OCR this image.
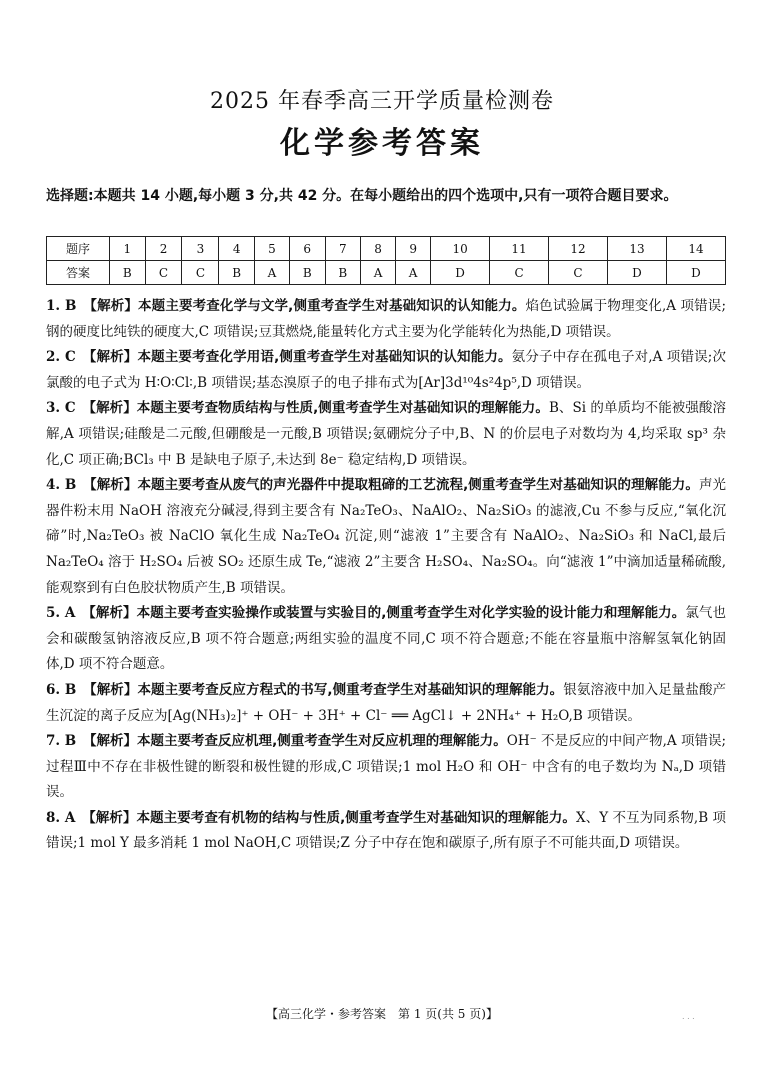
2025 年春季高三开学质量检测卷
化学参考答案
选择题:本题共 14 小题,每小题 3 分,共 42 分。在每小题给出的四个选项中,只有一项符合题目要求。
题序	1	2	3	4	5	6	7	8	9	10	11	12	13	14
答案	B	C	C	B	A	B	B	A	A	D	C	C	D	D

1. B　 【解析】本题主要考查化学与文学,侧重考查学生对基础知识的认知能力。焰色试验属于物理变化,A 项错误;钢的硬度比纯铁的硬度大,C 项错误;豆萁燃烧,能量转化方式主要为化学能转化为热能,D 项错误。

2. C　 【解析】本题主要考查化学用语,侧重考查学生对基础知识的认知能力。氨分子中存在孤电子对,A 项错误;次氯酸的电子式为 H∶O∶Cl∶,B 项错误;基态溴原子的电子排布式为[Ar]3d¹⁰4s²4p⁵,D 项错误。

3. C　 【解析】本题主要考查物质结构与性质,侧重考查学生对基础知识的理解能力。B、Si 的单质均不能被强酸溶解,A 项错误;硅酸是二元酸,但硼酸是一元酸,B 项错误;氨硼烷分子中,B、N 的价层电子对数均为 4,均采取 sp³ 杂化,C 项正确;BCl₃ 中 B 是缺电子原子,未达到 8e⁻ 稳定结构,D 项错误。

4. B　 【解析】本题主要考查从废气的声光器件中提取粗碲的工艺流程,侧重考查学生对基础知识的理解能力。声光器件粉末用 NaOH 溶液充分碱浸,得到主要含有 Na₂TeO₃、NaAlO₂、Na₂SiO₃ 的滤液,Cu 不参与反应,“氧化沉碲”时,Na₂TeO₃ 被 NaClO 氧化生成 Na₂TeO₄ 沉淀,则“滤液 1”主要含有 NaAlO₂、Na₂SiO₃ 和 NaCl,最后 Na₂TeO₄ 溶于 H₂SO₄ 后被 SO₂ 还原生成 Te,“滤液 2”主要含 H₂SO₄、Na₂SO₄。向“滤液 1”中滴加适量稀硫酸,能观察到有白色胶状物质产生,B 项错误。

5. A　 【解析】本题主要考查实验操作或装置与实验目的,侧重考查学生对化学实验的设计能力和理解能力。氯气也会和碳酸氢钠溶液反应,B 项不符合题意;两组实验的温度不同,C 项不符合题意;不能在容量瓶中溶解氢氧化钠固体,D 项不符合题意。

6. B　 【解析】本题主要考查反应方程式的书写,侧重考查学生对基础知识的理解能力。银氨溶液中加入足量盐酸产生沉淀的离子反应为[Ag(NH₃)₂]⁺ + OH⁻ + 3H⁺ + Cl⁻ ══ AgCl↓ + 2NH₄⁺ + H₂O,B 项错误。

7. B　 【解析】本题主要考查反应机理,侧重考查学生对反应机理的理解能力。OH⁻ 不是反应的中间产物,A 项错误;过程Ⅲ中不存在非极性键的断裂和极性键的形成,C 项错误;1 mol H₂O 和 OH⁻ 中含有的电子数均为 Nₐ,D 项错误。

8. A　 【解析】本题主要考查有机物的结构与性质,侧重考查学生对基础知识的理解能力。X、Y 不互为同系物,B 项错误;1 mol Y 最多消耗 1 mol NaOH,C 项错误;Z 分子中存在饱和碳原子,所有原子不可能共面,D 项错误。

【高三化学・参考答案　第 1 页(共 5 页)】	. . .
